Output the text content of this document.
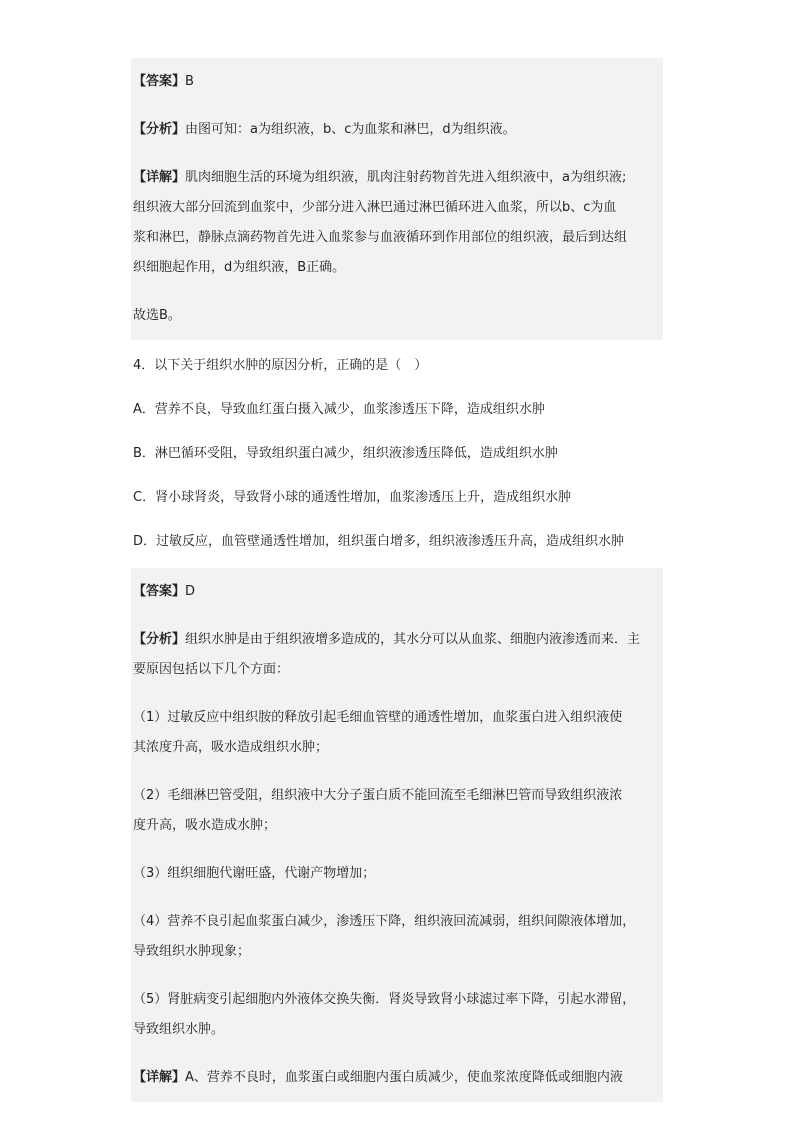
【答案】B
【分析】由图可知：a为组织液，b、c为血浆和淋巴，d为组织液。
【详解】肌肉细胞生活的环境为组织液，肌肉注射药物首先进入组织液中，a为组织液;
组织液大部分回流到血浆中，少部分进入淋巴通过淋巴循环进入血浆，所以b、c为血
浆和淋巴，静脉点滴药物首先进入血浆参与血液循环到作用部位的组织液，最后到达组
织细胞起作用，d为组织液，B正确。
故选B。
4．以下关于组织水肿的原因分析，正确的是（　）
A．营养不良，导致血红蛋白摄入减少，血浆渗透压下降，造成组织水肿
B．淋巴循环受阻，导致组织蛋白减少，组织液渗透压降低，造成组织水肿
C．肾小球肾炎，导致肾小球的通透性增加，血浆渗透压上升，造成组织水肿
D．过敏反应，血管壁通透性增加，组织蛋白增多，组织液渗透压升高，造成组织水肿
【答案】D
【分析】组织水肿是由于组织液增多造成的，其水分可以从血浆、细胞内液渗透而来．主
要原因包括以下几个方面：
（1）过敏反应中组织胺的释放引起毛细血管壁的通透性增加，血浆蛋白进入组织液使
其浓度升高，吸水造成组织水肿；
（2）毛细淋巴管受阻，组织液中大分子蛋白质不能回流至毛细淋巴管而导致组织液浓
度升高，吸水造成水肿；
（3）组织细胞代谢旺盛，代谢产物增加；
（4）营养不良引起血浆蛋白减少，渗透压下降，组织液回流减弱，组织间隙液体增加，
导致组织水肿现象；
（5）肾脏病变引起细胞内外液体交换失衡．肾炎导致肾小球滤过率下降，引起水滞留，
导致组织水肿。
【详解】A、营养不良时，血浆蛋白或细胞内蛋白质减少，使血浆浓度降低或细胞内液
